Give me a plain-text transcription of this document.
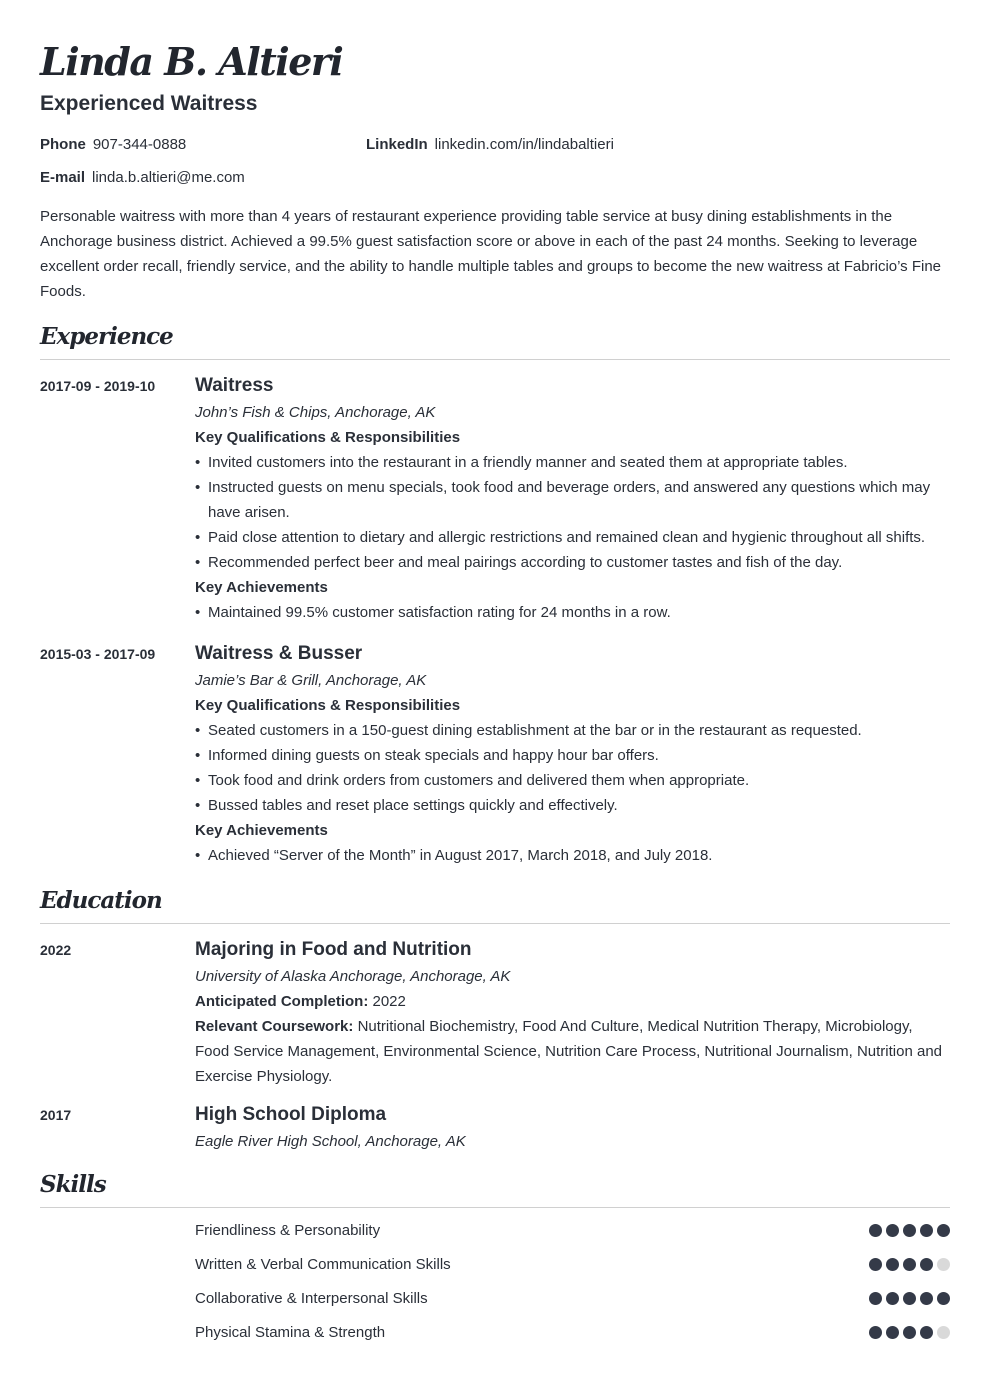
Linda B. Altieri
Experienced Waitress
Phone 907-344-0888	LinkedIn linkedin.com/in/lindabaltieri
E-mail linda.b.altieri@me.com

Personable waitress with more than 4 years of restaurant experience providing table service at busy dining establishments in the Anchorage business district. Achieved a 99.5% guest satisfaction score or above in each of the past 24 months. Seeking to leverage excellent order recall, friendly service, and the ability to handle multiple tables and groups to become the new waitress at Fabricio’s Fine Foods.

Experience
2017-09 - 2019-10	Waitress
John’s Fish & Chips, Anchorage, AK
Key Qualifications & Responsibilities
• Invited customers into the restaurant in a friendly manner and seated them at appropriate tables.
• Instructed guests on menu specials, took food and beverage orders, and answered any questions which may have arisen.
• Paid close attention to dietary and allergic restrictions and remained clean and hygienic throughout all shifts.
• Recommended perfect beer and meal pairings according to customer tastes and fish of the day.
Key Achievements
• Maintained 99.5% customer satisfaction rating for 24 months in a row.
2015-03 - 2017-09	Waitress & Busser
Jamie’s Bar & Grill, Anchorage, AK
Key Qualifications & Responsibilities
• Seated customers in a 150-guest dining establishment at the bar or in the restaurant as requested.
• Informed dining guests on steak specials and happy hour bar offers.
• Took food and drink orders from customers and delivered them when appropriate.
• Bussed tables and reset place settings quickly and effectively.
Key Achievements
• Achieved “Server of the Month” in August 2017, March 2018, and July 2018.
Education
2022	Majoring in Food and Nutrition
University of Alaska Anchorage, Anchorage, AK
Anticipated Completion: 2022
Relevant Coursework: Nutritional Biochemistry, Food And Culture, Medical Nutrition Therapy, Microbiology, Food Service Management, Environmental Science, Nutrition Care Process, Nutritional Journalism, Nutrition and Exercise Physiology.
2017	High School Diploma
Eagle River High School, Anchorage, AK
Skills
Friendliness & Personability
Written & Verbal Communication Skills
Collaborative & Interpersonal Skills
Physical Stamina & Strength
